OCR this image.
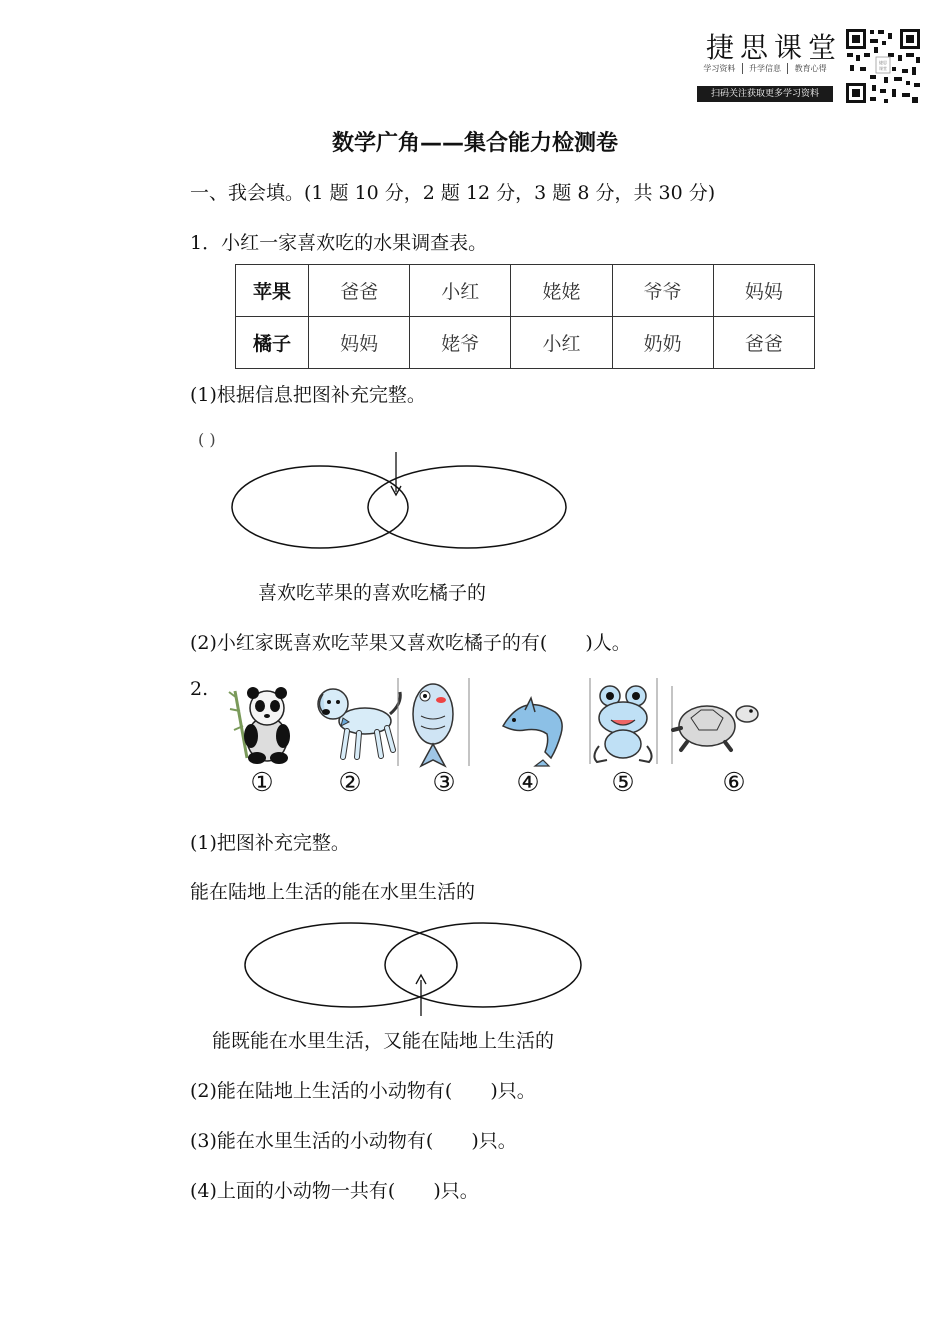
捷思课堂
学习资料	升学信息	教育心得
扫码关注获取更多学习资料
捷思
课堂
数学广角——集合能力检测卷
一、我会填。(1 题 10 分，2 题 12 分，3 题 8 分，共 30 分)
1．小红一家喜欢吃的水果调查表。
苹果	爸爸	小红	姥姥	爷爷	妈妈
橘子	妈妈	姥爷	小红	奶奶	爸爸
(1)根据信息把图补充完整。
( )
喜欢吃苹果的喜欢吃橘子的
(2)小红家既喜欢吃苹果又喜欢吃橘子的有(　　)人。
2.
①	②	③	④	⑤	⑥
(1)把图补充完整。
能在陆地上生活的能在水里生活的
能既能在水里生活，又能在陆地上生活的
(2)能在陆地上生活的小动物有(　　)只。
(3)能在水里生活的小动物有(　　)只。
(4)上面的小动物一共有(　　)只。
